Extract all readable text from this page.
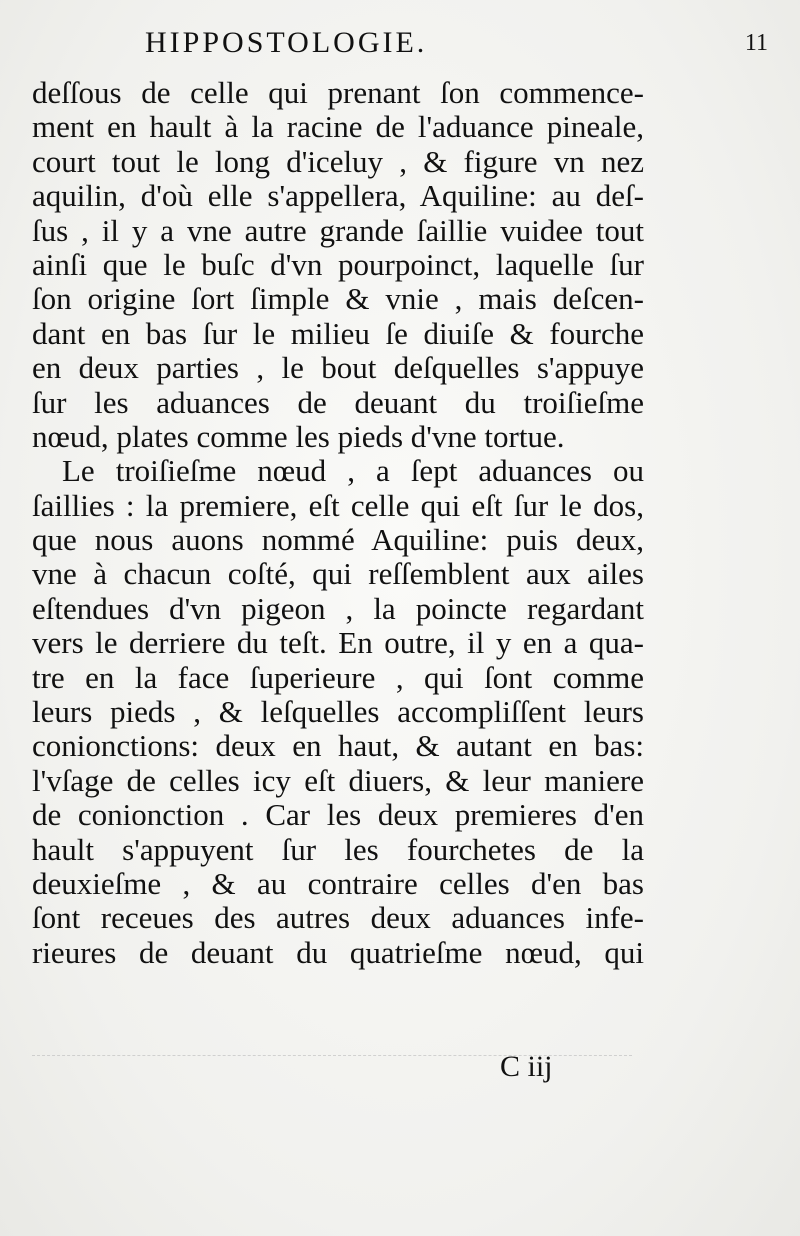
HIPPOSTOLOGIE.	11
deſſous de celle qui prenant ſon commence-
ment en hault à la racine de l'aduance pineale,
court tout le long d'iceluy , & figure vn nez
aquilin, d'où elle s'appellera, Aquiline: au deſ-
ſus , il y a vne autre grande ſaillie vuidee tout
ainſi que le buſc d'vn pourpoinct, laquelle ſur
ſon origine ſort ſimple & vnie , mais deſcen-
dant en bas ſur le milieu ſe diuiſe & fourche
en deux parties , le bout deſquelles s'appuye
ſur les aduances de deuant du troiſieſme
nœud, plates comme les pieds d'vne tortue.
Le troiſieſme nœud , a ſept aduances ou
ſaillies : la premiere, eſt celle qui eſt ſur le dos,
que nous auons nommé Aquiline: puis deux,
vne à chacun coſté, qui reſſemblent aux ailes
eſtendues d'vn pigeon , la poincte regardant
vers le derriere du teſt. En outre, il y en a qua-
tre en la face ſuperieure , qui ſont comme
leurs pieds , & leſquelles accompliſſent leurs
conionctions: deux en haut, & autant en bas:
l'vſage de celles icy eſt diuers, & leur maniere
de conionction . Car les deux premieres d'en
hault s'appuyent ſur les fourchetes de la
deuxieſme , & au contraire celles d'en bas
ſont receues des autres deux aduances infe-
rieures de deuant du quatrieſme nœud, qui
C iij
